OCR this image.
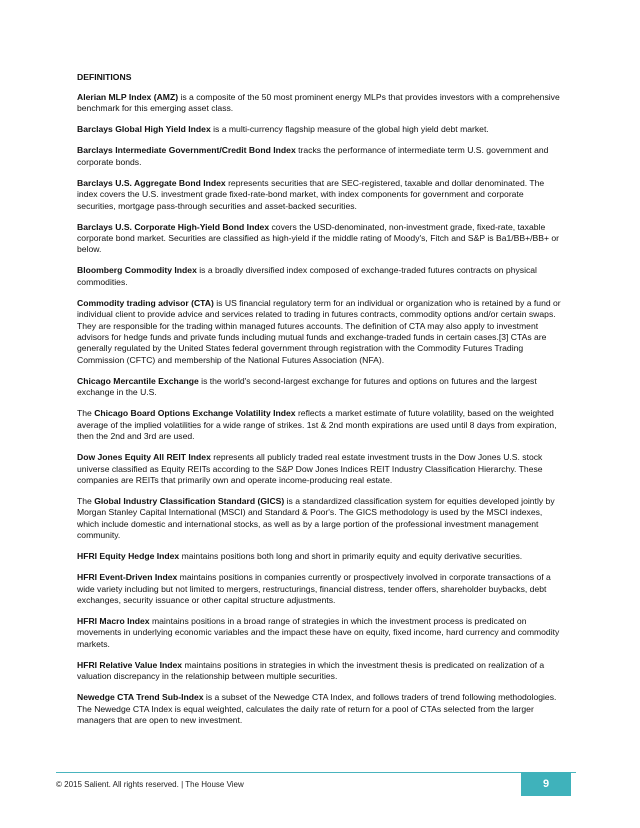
DEFINITIONS

Alerian MLP Index (AMZ) is a composite of the 50 most prominent energy MLPs that provides investors with a comprehensive benchmark for this emerging asset class.

Barclays Global High Yield Index is a multi-currency flagship measure of the global high yield debt market.

Barclays Intermediate Government/Credit Bond Index tracks the performance of intermediate term U.S. government and corporate bonds.

Barclays U.S. Aggregate Bond Index represents securities that are SEC-registered, taxable and dollar denominated. The index covers the U.S. investment grade fixed-rate-bond market, with index components for government and corporate securities, mortgage pass-through securities and asset-backed securities.

Barclays U.S. Corporate High-Yield Bond Index covers the USD-denominated, non-investment grade, fixed-rate, taxable corporate bond market. Securities are classified as high-yield if the middle rating of Moody's, Fitch and S&P is Ba1/BB+/BB+ or below.

Bloomberg Commodity Index is a broadly diversified index composed of exchange-traded futures contracts on physical commodities.

Commodity trading advisor (CTA) is US financial regulatory term for an individual or organization who is retained by a fund or individual client to provide advice and services related to trading in futures contracts, commodity options and/or certain swaps. They are responsible for the trading within managed futures accounts. The definition of CTA may also apply to investment advisors for hedge funds and private funds including mutual funds and exchange-traded funds in certain cases.[3] CTAs are generally regulated by the United States federal government through registration with the Commodity Futures Trading Commission (CFTC) and membership of the National Futures Association (NFA).

Chicago Mercantile Exchange is the world's second-largest exchange for futures and options on futures and the largest exchange in the U.S.

The Chicago Board Options Exchange Volatility Index reflects a market estimate of future volatility, based on the weighted average of the implied volatilities for a wide range of strikes. 1st & 2nd month expirations are used until 8 days from expiration, then the 2nd and 3rd are used.

Dow Jones Equity All REIT Index represents all publicly traded real estate investment trusts in the Dow Jones U.S. stock universe classified as Equity REITs according to the S&P Dow Jones Indices REIT Industry Classification Hierarchy. These companies are REITs that primarily own and operate income-producing real estate.

The Global Industry Classification Standard (GICS) is a standardized classification system for equities developed jointly by Morgan Stanley Capital International (MSCI) and Standard & Poor's. The GICS methodology is used by the MSCI indexes, which include domestic and international stocks, as well as by a large portion of the professional investment management community.

HFRI Equity Hedge Index maintains positions both long and short in primarily equity and equity derivative securities.

HFRI Event-Driven Index maintains positions in companies currently or prospectively involved in corporate transactions of a wide variety including but not limited to mergers, restructurings, financial distress, tender offers, shareholder buybacks, debt exchanges, security issuance or other capital structure adjustments.

HFRI Macro Index maintains positions in a broad range of strategies in which the investment process is predicated on movements in underlying economic variables and the impact these have on equity, fixed income, hard currency and commodity markets.

HFRI Relative Value Index maintains positions in strategies in which the investment thesis is predicated on realization of a valuation discrepancy in the relationship between multiple securities.

Newedge CTA Trend Sub-Index is a subset of the Newedge CTA Index, and follows traders of trend following methodologies. The Newedge CTA Index is equal weighted, calculates the daily rate of return for a pool of CTAs selected from the larger managers that are open to new investment.

© 2015 Salient. All rights reserved. | The House View	9
